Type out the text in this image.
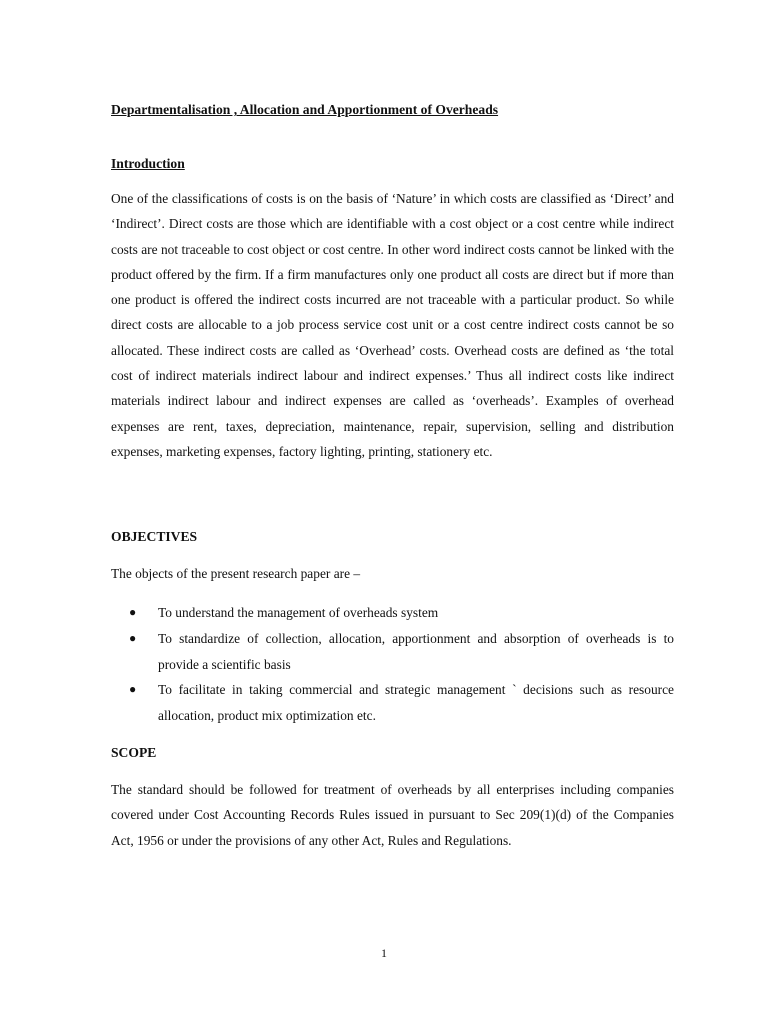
Departmentalisation , Allocation and Apportionment of Overheads
Introduction

One of the classifications of costs is on the basis of ‘Nature’ in which costs are classified as ‘Direct’ and ‘Indirect’. Direct costs are those which are identifiable with a cost object or a cost centre while indirect costs are not traceable to cost object or cost centre. In other word indirect costs cannot be linked with the product offered by the firm. If a firm manufactures only one product all costs are direct but if more than one product is offered the indirect costs incurred are not traceable with a particular product. So while direct costs are allocable to a job process service cost unit or a cost centre indirect costs cannot be so allocated. These indirect costs are called as ‘Overhead’ costs. Overhead costs are defined as ‘the total cost of indirect materials indirect labour and indirect expenses.’ Thus all indirect costs like indirect materials indirect labour and indirect expenses are called as ‘overheads’. Examples of overhead expenses are rent, taxes, depreciation, maintenance, repair, supervision, selling and distribution expenses, marketing expenses, factory lighting, printing, stationery etc.

OBJECTIVES
The objects of the present research paper are –
● To understand the management of overheads system
● To standardize of collection, allocation, apportionment and absorption of overheads is to provide a scientific basis
● To facilitate in taking commercial and strategic management ` decisions such as resource allocation, product mix optimization etc.
SCOPE

The standard should be followed for treatment of overheads by all enterprises including companies covered under Cost Accounting Records Rules issued in pursuant to Sec 209(1)(d) of the Companies Act, 1956 or under the provisions of any other Act, Rules and Regulations.

1
